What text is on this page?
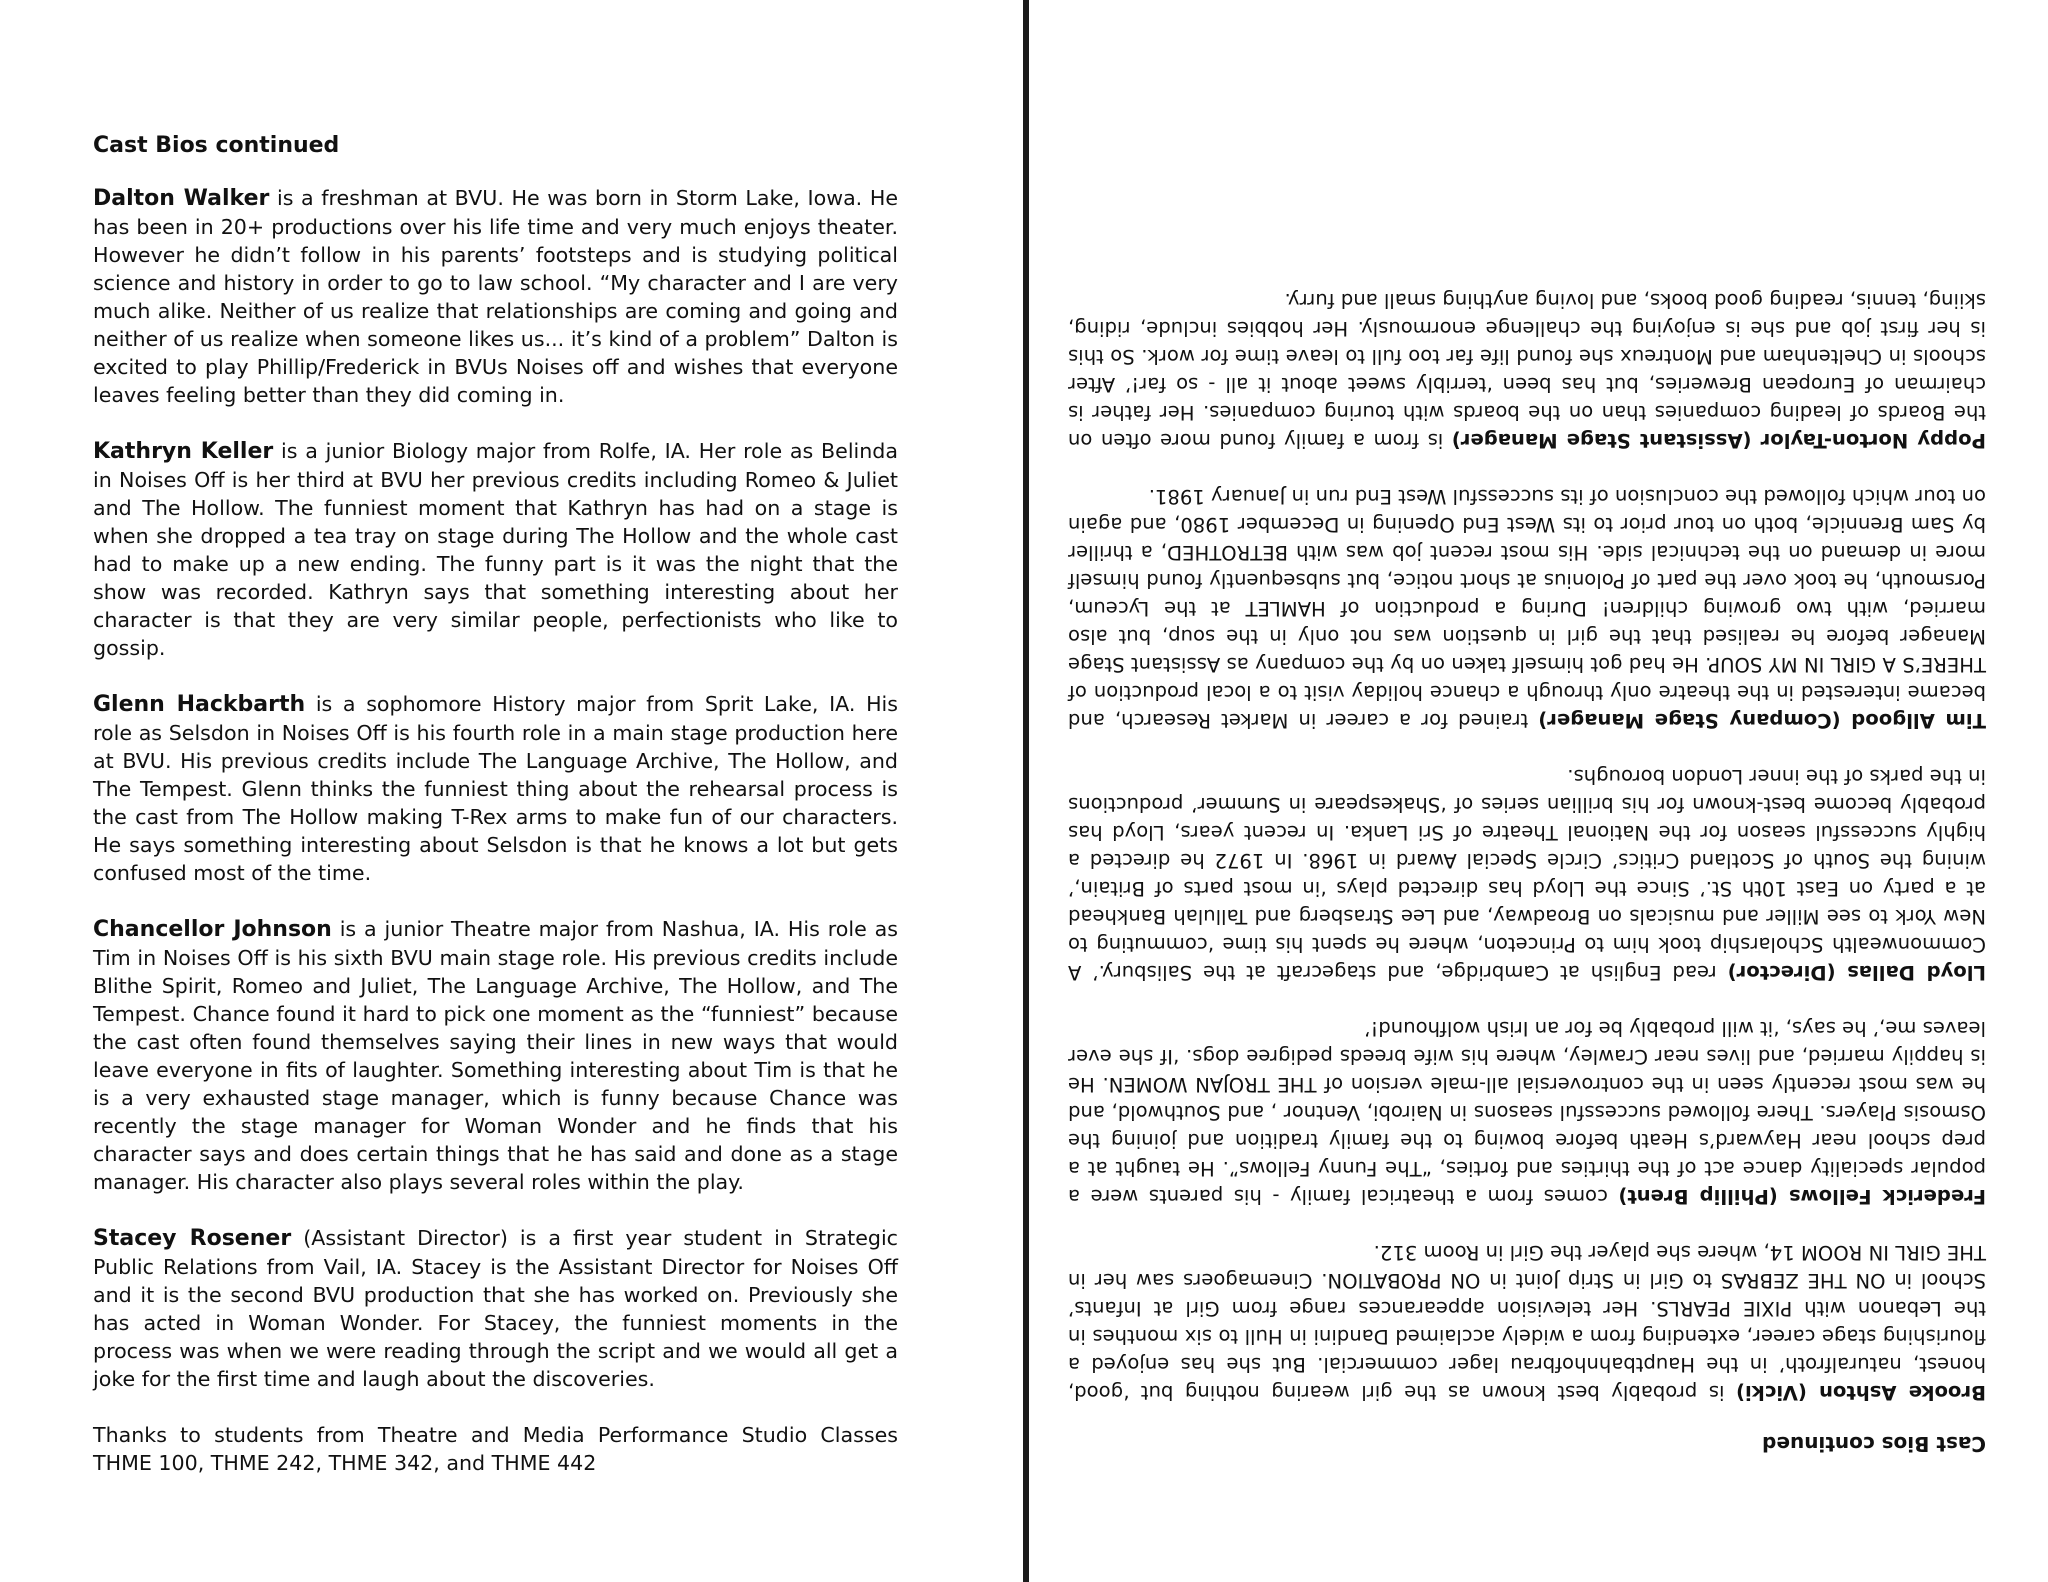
Cast Bios continued

Dalton Walker is a freshman at BVU. He was born in Storm Lake, Iowa. He has been in 20+ productions over his life time and very much enjoys theater. However he didn’t follow in his parents’ footsteps and is studying political science and history in order to go to law school. “My character and I are very much alike. Neither of us realize that relationships are coming and going and neither of us realize when someone likes us... it’s kind of a problem” Dalton is excited to play Phillip/Frederick in BVUs Noises off and wishes that everyone leaves feeling better than they did coming in.

Kathryn Keller is a junior Biology major from Rolfe, IA. Her role as Belinda in Noises Off is her third at BVU her previous credits including Romeo & Juliet and The Hollow. The funniest moment that Kathryn has had on a stage is when she dropped a tea tray on stage during The Hollow and the whole cast had to make up a new ending. The funny part is it was the night that the show was recorded. Kathryn says that something interesting about her character is that they are very similar people, perfectionists who like to gossip.

Glenn Hackbarth is a sophomore History major from Sprit Lake, IA. His role as Selsdon in Noises Off is his fourth role in a main stage production here at BVU. His previous credits include The Language Archive, The Hollow, and The Tempest. Glenn thinks the funniest thing about the rehearsal process is the cast from The Hollow making T-Rex arms to make fun of our characters. He says something interesting about Selsdon is that he knows a lot but gets confused most of the time.

Chancellor Johnson is a junior Theatre major from Nashua, IA. His role as Tim in Noises Off is his sixth BVU main stage role. His previous credits include Blithe Spirit, Romeo and Juliet, The Language Archive, The Hollow, and The Tempest. Chance found it hard to pick one moment as the “funniest” because the cast often found themselves saying their lines in new ways that would leave everyone in fits of laughter. Something interesting about Tim is that he is a very exhausted stage manager, which is funny because Chance was recently the stage manager for Woman Wonder and he finds that his character says and does certain things that he has said and done as a stage manager. His character also plays several roles within the play.

Stacey Rosener (Assistant Director) is a first year student in Strategic Public Relations from Vail, IA. Stacey is the Assistant Director for Noises Off and it is the second BVU production that she has worked on. Previously she has acted in Woman Wonder. For Stacey, the funniest moments in the process was when we were reading through the script and we would all get a joke for the first time and laugh about the discoveries.

Thanks to students from Theatre and Media Performance Studio Classes THME 100, THME 242, THME 342, and THME 442

Cast Bios continued

Brooke Ashton (Vicki) is probably best known as the girl wearing nothing but ‘good, honest, naturalfroth’ in the Hauptbahnhofbrau lager commercial. But she has enjoyed a flourishing stage career, extending from a widely acclaimed Dandini in Hull to six monthes in the Lebanon with PIXIE PEARLS. Her television appearances range from Girl at Infants’ School in ON THE ZEBRAS to Girl in Strip Joint in ON PROBATION. Cinemagoers saw her in THE GIRL IN ROOM 14, where she player the Girl in Room 312.

Frederick Fellows (Phillip Brent) comes from a theatrical family - his parents were a popular speciality dance act of the thirties and forties, “The Funny Fellows”. He taught at a prep school near Hayward’s Heath before bowing to the family tradition and joining the Osmosis Players. There followed successful seasons in Nairobi, Ventnor , and Southwold, and he was most recently seen in the controversial all-male version of THE TROJAN WOMEN. He is happily married, and lives near Crawley, where his wife breeds pedigree dogs. ‘If she ever leaves me,’ he says, ‘it will probably be for an Irish wolfhound!’

Lloyd Dallas (Director) read English at Cambridge, and stagecraft at the Salisbury.’ A Commonwealth Scholarship took him to Princeton, where he spent his time ‘commuting to New York to see Miller and musicals on Broadway, and Lee Strasberg and Tallulah Bankhead at a party on East 10th St.’ Since the Lloyd has directed plays ‘in most parts of Britain,’ wining the South of Scotland Critics’ Circle Special Award in 1968. In 1972 he directed a highly successful season for the National Theatre of Sri Lanka. In recent years, Lloyd has probably become best-known for his brillian series of ‘Shakespeare in Summer’ productions in the parks of the inner London boroughs.

Tim Allgood (Company Stage Manager) trained for a career in Market Research, and became interested in the theatre only through a chance holiday visit to a local production of THERE’S A GIRL IN MY SOUP. He had got himself taken on by the company as Assistant Stage Manager before he realised that the girl in question was not only in the soup, but also married, with two growing children! During a production of HAMLET at the Lyceum, Porsmouth, he took over the part of Polonius at short notice, but subsequently found himself more in demand on the technical side. His most recent job was with BETROTHED, a thriller by Sam Brennicle, both on tour prior to its West End Opening in December 1980, and again on tour which followed the conclusion of its successful West End run in January 1981.

Poppy Norton-Taylor (Assistant Stage Manager) is from a family found more often on the Boards of leading companies than on the boards with touring companies. Her father is chairman of European Breweries, but has been ‘terribly sweet about it all - so far!’ After schools in Cheltenham and Montreux she found life far too full to leave time for work. So this is her first job and she is enjoying the challenge enormously. Her hobbies include, riding, skiing, tennis, reading good books, and loving anything small and furry.
